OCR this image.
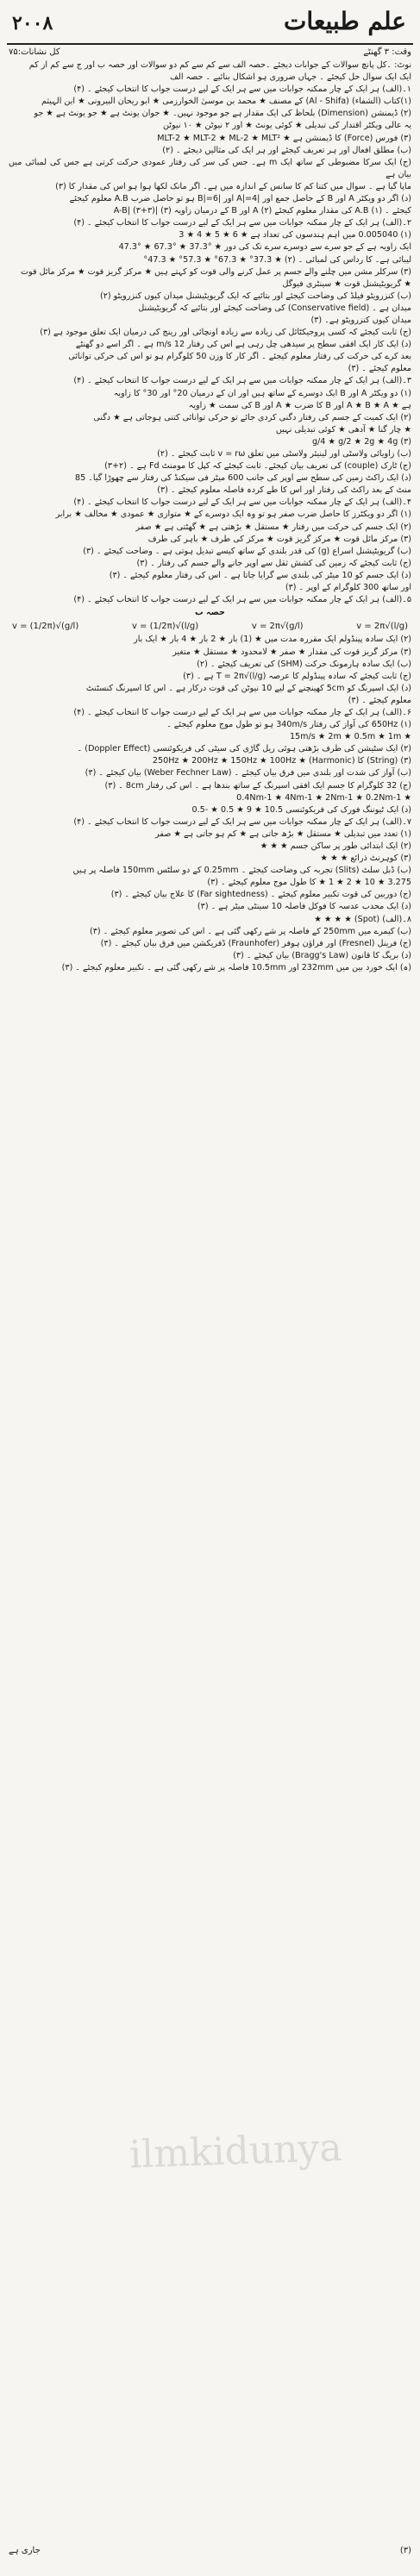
علم طبیعات
۲۰۰۸
وقت: ۳ گھنٹے
کل نشانات:۷۵

نوٹ: ۔کل پانچ سوالات کے جوابات دیجئے ۔حصہ الف سے کم سے کم دو سوالات اور حصہ ب اور ج سے کم از کم

ایک ایک سوال حل کیجئے ۔ جہاں ضروری ہو اشکال بنائیے ۔ حصہ الف

۱۔(الف) ہر ایک کے چار ممکنہ جوابات میں سے ہر ایک کے لیے درست جواب کا انتخاب کیجئے ۔ (۴)

(۱)کتاب (الشفاء) (Al - Shifa) کے مصنف ★ محمد بن موسیٰ الخوارزمی ★ ابو ریحان البیرونی ★ ابن الہیثم

(۲) ڈیمنشن (Dimension) بلحاظ کی ایک مقدار ہے جو موجود نہیں۔ ★ جوان یونٹ ہے ★ جو یونٹ ہے ★ جو

یہ عالی ویکٹر اقتدار کی تبدیلی ★ کوئی یونٹ ★ اور ۲ نیوٹن ★ ۱۰ نیوٹن

(۳) فورس (Force) کا ڈیمنشن ہے ★ MLT-2 ★ MLT-2 ★ ML-2 ★ MLT²

(ب) مطلق افعال اور ہر تعریف کیجئے اور ہر ایک کی مثالیں دیجئے ۔ (۲)

(ج) ایک سرکا مضبوطی کے ساتھ ایک m ہے۔ جس کی سر کی رفتار عمودی حرکت کرتی ہے جس کی لمبائی میں بیان ہے

ماپا گیا ہے ۔ سوال میں کتنا کم کا سانس کے اندازہ میں ہے۔ اگر مانک لکھا ہوا ہو اس کی مقدار کا (۳)

(د) اگر دو ویکٹر A اور B کے حاصل جمع اور |A|=4 اور |B|=6 ہو تو حاصل ضرب A.B معلوم کیجئے

کیجئے ۔ (۱) A.B کی مقدار معلوم کیجئے (۲) A اور B کے درمیان زاویہ (۳) |A-B| (۳+۳)

۲۔(الف) ہر ایک کے چار ممکنہ جوابات میں سے ہر ایک کے لیے درست جواب کا انتخاب کیجئے ۔ (۴)

(۱) 0.005040 میں اہم ہندسوں کی تعداد ہے ★ 6 ★ 5 ★ 4 ★ 3

ایک زاویہ ہے کے جو سرے سے دوسرے سرے تک کی دور ★ °37.3 ★ °67.3 ★ °47.3

لیبائی ہے۔ کا رداس کی لمبائی ۔ (۲) ★ 37.3° ★ 67.3° ★ 57.3° ★ 47.3°

(۳) سرکلر مشن میں چلنے والے جسم پر عمل کرنے والی قوت کو کہتے ہیں ★ مرکز گریز قوت ★ مرکز مائل قوت

★ گریویٹیشنل قوت ★ سینٹری فیوگل

(ب) کنزرویٹو فیلڈ کی وضاحت کیجئے اور بتائیے کہ ایک گریویٹیشنل میدان کیوں کنزرویٹو (۲)

میدان ہے ۔ (Conservative field) کی وضاحت کیجئے اور بتائیے کہ گریویٹیشنل

میدان کیوں کنزرویٹو ہے۔ (۳)

(ج) ثابت کیجئے کہ کسی پروجیکٹائل کی زیادہ سے زیادہ اونچائی اور رینج کی درمیان ایک تعلق موجود ہے (۳)

(د) ایک کار ایک افقی سطح پر سیدھی چل رہی ہے اس کی رفتار 12 m/s ہے ۔ اگر اسے دو گھنٹے

بعد کرے کی حرکت کی رفتار معلوم کیجئے ۔ اگر کار کا وزن 50 کلوگرام ہو تو اس کی حرکی توانائی

معلوم کیجئے ۔ (۳)

۳۔(الف) ہر ایک کے چار ممکنہ جوابات میں سے ہر ایک کے لیے درست جواب کا انتخاب کیجئے ۔ (۴)

(۱) دو ویکٹر A اور B ایک دوسرے کے ساتھ ہیں اور ان کے درمیان 20° اور 30° کا زاویہ

ہے ★ A ★ B ★ A اور B کا ضرب ★ A اور B کی سمت ★ زاویہ

(۲) ایک کمیت کے جسم کی رفتار دگنی کردی جائے تو حرکی توانائی کتنی ہوجاتی ہے ★ دگنی

★ چار گنا ★ آدھی ★ کوئی تبدیلی نہیں

(۳) g/4 ★ g/2 ★ 2g ★ 4g

(ب) زاویائی ولاسٹی اور لینیئر ولاسٹی میں تعلق v = rω ثابت کیجئے ۔ (۲)

(ج) ٹارک (couple) کی تعریف بیان کیجئے۔ ثابت کیجئے کہ کپل کا مومنٹ Fd ہے ۔ (۲+۳)

(د) ایک راکٹ زمین کی سطح سے اوپر کی جانب 600 میٹر فی سیکنڈ کی رفتار سے چھوڑا گیا۔ 85

منٹ کے بعد راکٹ کی رفتار اور اس کا طے کردہ فاصلہ معلوم کیجئے ۔ (۳)

۴۔(الف) ہر ایک کے چار ممکنہ جوابات میں سے ہر ایک کے لیے درست جواب کا انتخاب کیجئے ۔ (۴)

(۱) اگر دو ویکٹرز کا حاصل ضرب صفر ہو تو وہ ایک دوسرے کے ★ متوازی ★ عمودی ★ مخالف ★ برابر

(۲) ایک جسم کی حرکت میں رفتار ★ مستقل ★ بڑھتی ہے ★ گھٹتی ہے ★ صفر

(۳) مرکز مائل قوت ★ مرکز گریز قوت ★ مرکز کی طرف ★ باہر کی طرف

(ب) گریویٹیشنل اسراع (g) کی قدر بلندی کے ساتھ کیسے تبدیل ہوتی ہے ۔ وضاحت کیجئے ۔ (۳)

(ج) ثابت کیجئے کہ زمین کی کشش ثقل سے اوپر جانے والے جسم کی رفتار ۔ (۳)

(د) ایک جسم کو 10 میٹر کی بلندی سے گرایا جاتا ہے ۔ اس کی رفتار معلوم کیجئے ۔ (۳)

اور ساتھ 300 کلوگرام کے اوپر ۔ (۳)

۵۔(الف) ہر ایک کے چار ممکنہ جوابات میں سے ہر ایک کے لیے درست جواب کا انتخاب کیجئے ۔ (۴)

حصہ ب
v = 2π√(l/g)
v = 2π√(g/l)
v = (1/2π)√(l/g)
v = (1/2π)√(g/l)

(۲) ایک سادہ پینڈولم ایک مقررہ مدت میں ★ (1) بار ★ 2 بار ★ 4 بار ★ ایک بار

(۳) مرکز گریز قوت کی مقدار ★ صفر ★ لامحدود ★ مستقل ★ متغیر

(ب) ایک سادہ ہارمونک حرکت (SHM) کی تعریف کیجئے ۔ (۲)

(ج) ثابت کیجئے کہ سادہ پینڈولم کا عرصہ T = 2π√(l/g) ہے ۔ (۳)

(د) ایک اسپرنگ کو 5cm کھینچنے کے لیے 10 نیوٹن کی قوت درکار ہے ۔ اس کا اسپرنگ کنسٹنٹ

معلوم کیجئے ۔ (۳)

۶۔(الف) ہر ایک کے چار ممکنہ جوابات میں سے ہر ایک کے لیے درست جواب کا انتخاب کیجئے ۔ (۴)

(۱) 650Hz کی آواز کی رفتار 340m/s ہو تو طول موج معلوم کیجئے ۔

★ 15m/s ★ 2m ★ 0.5m ★ 1m

(۲) ایک سٹیشن کی طرف بڑھتی ہوئی ریل گاڑی کی سیٹی کی فریکوئنسی (Doppler Effect) ۔

(۳) (String) کا (Harmonic) ★ 250Hz ★ 200Hz ★ 150Hz ★ 100Hz

(ب) آواز کی شدت اور بلندی میں فرق بیان کیجئے ۔ (Weber Fechner Law) بیان کیجئے ۔ (۳)

(ج) 32 کلوگرام کا جسم ایک افقی اسپرنگ کے ساتھ بندھا ہے ۔ اس کی رفتار 8cm ۔ (۳)

★ 0.4Nm-1 ★ 4Nm-1 ★ 2Nm-1 ★ 0.2Nm-1

(د) ایک ٹیوننگ فورک کی فریکوئنسی 10.5 ★ 9 ★ 0.5 ★ -0.5

۷۔(الف) ہر ایک کے چار ممکنہ جوابات میں سے ہر ایک کے لیے درست جواب کا انتخاب کیجئے ۔ (۴)

(۱) تعدد میں تبدیلی ★ مستقل ★ بڑھ جاتی ہے ★ کم ہو جاتی ہے ★ صفر

(۲) ایک ابتدائی طور پر ساکن جسم ★ ★ ★

(۳) کوہرنٹ ذرائع ★ ★ ★

(ب) ڈبل سلٹ (Slits) تجربہ کی وضاحت کیجئے ۔ 0.25mm کے دو سلٹس 150mm فاصلہ پر ہیں

3.275 ★ 10 ★ 2 ★ 1 ★ کا طول موج معلوم کیجئے ۔ (۳)

(ج) دوربین کی قوت تکبیر معلوم کیجئے ۔ (Far sightedness) کا علاج بیان کیجئے ۔ (۳)

(د) ایک محدب عدسہ کا فوکل فاصلہ 10 سینٹی میٹر ہے ۔ (۳)

۸۔(الف) (Spot) ★ ★ ★ ★

(ب) کیمرے میں 250mm کے فاصلہ پر شے رکھی گئی ہے ۔ اس کی تصویر معلوم کیجئے ۔ (۳)

(ج) فرینل (Fresnel) اور فراؤن ہوفر (Fraunhofer) ڈفریکشن میں فرق بیان کیجئے ۔ (۳)

(د) بریگ کا قانون (Bragg's Law) بیان کیجئے ۔ (۳)

(ہ) ایک خورد بین میں 232mm اور 10.5mm فاصلہ پر شے رکھی گئی ہے ۔ تکبیر معلوم کیجئے ۔ (۳)

ilmkidunya
(۳)
جاری ہے
